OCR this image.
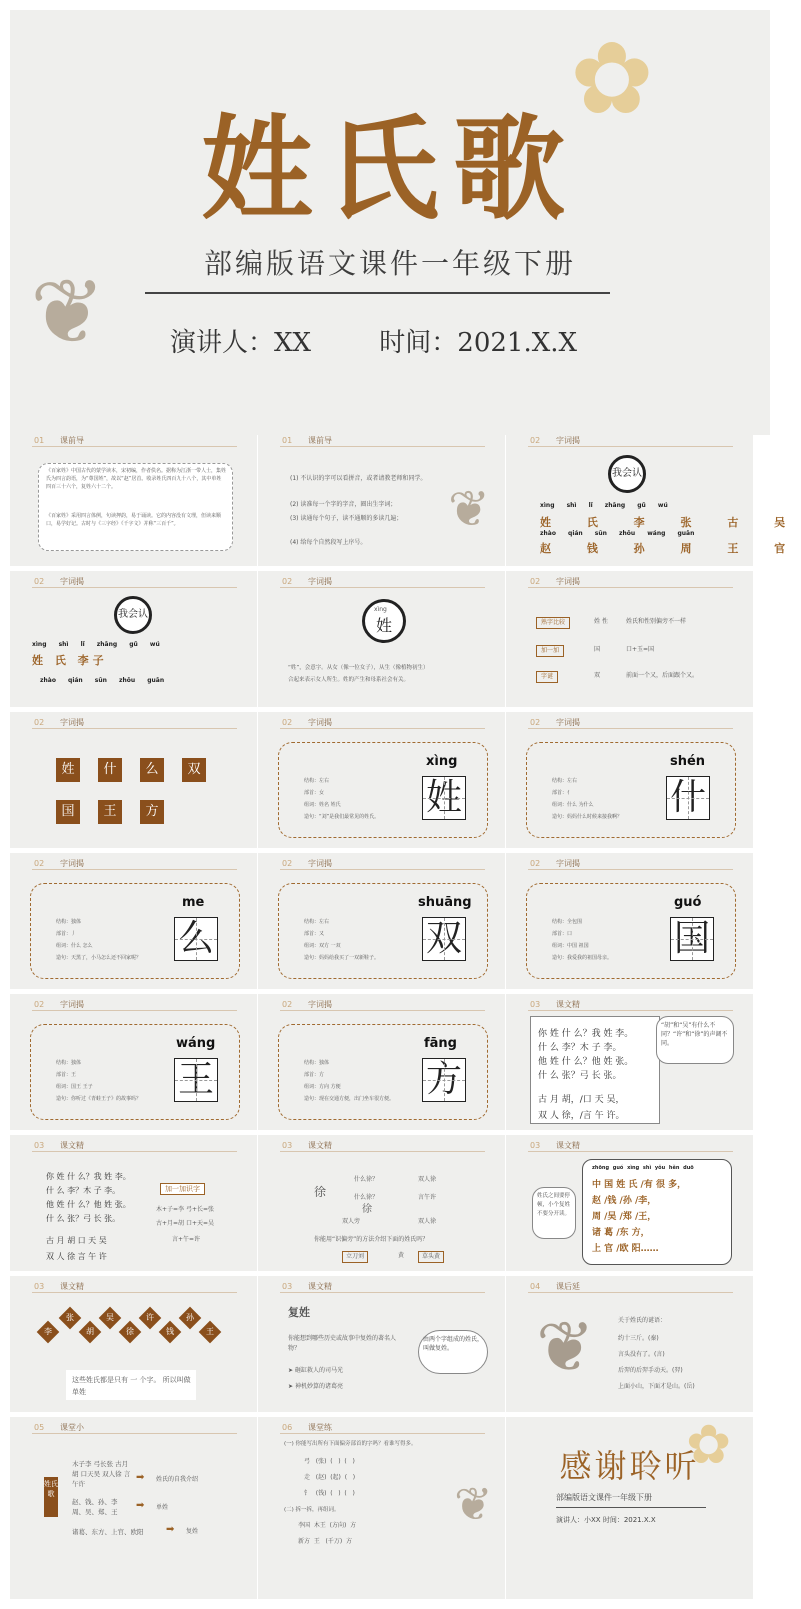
❦
✿
姓氏歌
部编版语文课件一年级下册
演讲人：XX	时间：2021.X.X
01 课前导
《百家姓》中国古代的蒙学读本，宋初编，作者佚名。据称为江浙一带人士，集姓氏为四言韵语，为“尊国姓”，故以“赵”居首。收录姓氏四百九十八个，其中单姓四百三十六个，复姓六十二个。
《百家姓》采用四言体例，句读押韵，易于诵读。它的内容没有文理，但读来顺口，易学好记。古时与《三字经》《千字文》并称“三百千”。
01 课前导
(1) 不认识的字可以看拼音，或者请教老师和同学。
(2) 读准每一个字的字音，圈出生字词；
(3) 读通每个句子，读不通顺的多读几遍；
(4) 给每个自然段写上序号。
❦
02 字词揭
我会认
xìng shì lǐ zhāng gǔ wú
姓 氏 李 张 古 吴
zhào qián sūn zhōu wáng guān
赵 钱 孙 周 王 官
02 字词揭
我会认
xìng shì lǐ zhāng gǔ wú
姓 氏 李子
zhào qián sūn zhōu guān
02 字词揭
姓
xìng
“姓”，会意字。从女（像一位女子），从生（像植物初生）
合起来表示女人所生。姓的产生和母系社会有关。
02 字词揭
熟字比较	姓 性	姓氏和性别偏旁不一样
加一加	国	口+玉=国
字谜	双	前面一个又，后面跟个又。
02 字词揭
姓	什	么	双
国	王	方
02 字词揭
结构：左右
部首：女
组词：姓名 姓氏
造句：“刘”是我们最常见的姓氏。
xìng
姓
02 字词揭
结构：左右
部首：亻
组词：什么 为什么
造句：妈妈什么时候来接我啊？
shén
什
02 字词揭
结构：独体
部首：丿
组词：什么 怎么
造句：天黑了，小马怎么还不回家呢？
me
么
02 字词揭
结构：左右
部首：又
组词：双方 一双
造句：妈妈给我买了一双新鞋子。
shuāng
双
02 字词揭
结构：全包围
部首：口
组词：中国 祖国
造句：我爱我的祖国母亲。
guó
国
02 字词揭
结构：独体
部首：王
组词：国王 王子
造句：你听过《青蛙王子》的故事吗？
wáng
王
02 字词揭
结构：独体
部首：方
组词：方向 方便
造句：现在交通方便，出门坐车很方便。
fāng
方
03 课文精
你 姓 什 么？我 姓 李。
什 么 李？木 子 李。
他 姓 什 么？他 姓 张。
什 么 张？弓 长 张。
古 月 胡，/口 天 吴，
双 人 徐，/言 午 许。
“胡”和“吴”有什么不同？“许”和“徐”的声调不同。
03 课文精
你 姓 什 么？我 姓 李。
什 么 李？木 子 李。
他 姓 什 么？他 姓 张。
什 么 张？弓 长 张。
古 月 胡 口 天 吴
双 人 徐 言 午 许
加一加识字
木+子=李 弓+长=张
古+月=胡 口+天=吴
言+午=许
03 课文精
什么徐？	双人徐
什么徐？	言午许
徐
徐
双人旁	双人徐
你能用“识偏旁”的方法介绍下面的姓氏吗？
立刀刘	黄	草头黄
03 课文精
姓氏之间要停顿，小个复姓不要分开读。
zhōng guó xìng shì yǒu hěn duō
中 国 姓 氏 /有 很 多，
赵 /钱 /孙 /李，
周 /吴 /郑 /王，
诸 葛 /东 方，
上 官 /欧 阳……
03 课文精
李
张
胡
吴
徐
许
钱
孙
王
这些姓氏都是只有 一 个字。 所以叫做 单姓
03 课文精
复姓
你能想到哪些历史或故事中复姓的著名人物？
➤ 砸缸救人的司马光
➤ 神机妙算的诸葛亮
由两个字组成的姓氏，叫做复姓。
04 课后延
❦	关于姓氏的谜语：
约十三斤。(秦)
言头没有了。(言)
后羿的后羿手动天。(羿)
上面小山，下面才是山。(岳)
05 课堂小
姓氏歌
木子李 弓长张 古月胡 口天吴 双人徐 言午许
➡ 姓氏的自我介绍
赵、钱、孙、李 周、吴、郑、王
➡ 单姓
诸葛、东方、上官、欧阳 ➡ 复姓
06 课堂练
(一) 你能写出所有下面偏旁部首的字吗？看谁写得多。
弓   (张)  (   )  (   )
走   (赵)  (起)  (   )
钅   (钱)  (   )  (   )
(二) 拆一拆，再组词。
李国  木王  (方向)  方
新方  王   (千万)  方
❦
✿
感谢聆听
部编版语文课件一年级下册
演讲人：小XX 时间：2021.X.X
